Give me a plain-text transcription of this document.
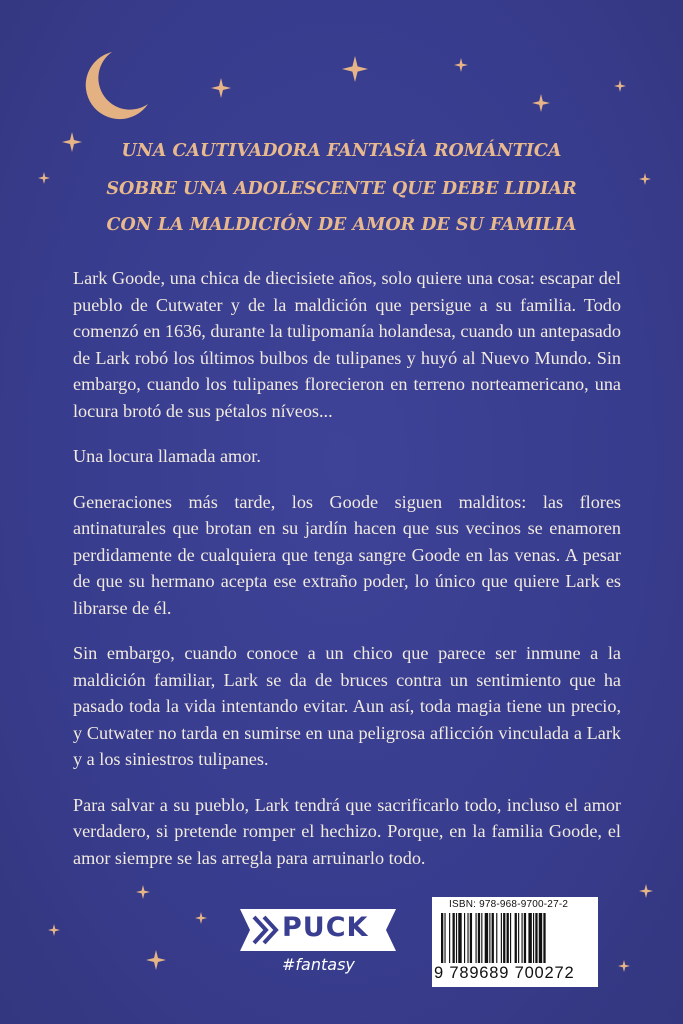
UNA CAUTIVADORA FANTASÍA ROMÁNTICA
SOBRE UNA ADOLESCENTE QUE DEBE LIDIAR
CON LA MALDICIÓN DE AMOR DE SU FAMILIA

Lark Goode, una chica de diecisiete años, solo quiere una cosa: escapar del pueblo de Cutwater y de la maldición que persigue a su familia. Todo comenzó en 1636, durante la tulipomanía holandesa, cuando un antepasado de Lark robó los últimos bulbos de tulipanes y huyó al Nuevo Mundo. Sin embargo, cuando los tulipanes florecieron en terreno norteamericano, una locura brotó de sus pétalos níveos...

Una locura llamada amor.

Generaciones más tarde, los Goode siguen malditos: las flores antinaturales que brotan en su jardín hacen que sus vecinos se enamoren perdidamente de cualquiera que tenga sangre Goode en las venas. A pesar de que su hermano acepta ese extraño poder, lo único que quiere Lark es librarse de él.

Sin embargo, cuando conoce a un chico que parece ser inmune a la maldición familiar, Lark se da de bruces contra un sentimiento que ha pasado toda la vida intentando evitar. Aun así, toda magia tiene un precio, y Cutwater no tarda en sumirse en una peligrosa aflicción vinculada a Lark y a los siniestros tulipanes.

Para salvar a su pueblo, Lark tendrá que sacrificarlo todo, incluso el amor verdadero, si pretende romper el hechizo. Porque, en la familia Goode, el amor siempre se las arregla para arruinarlo todo.

PUCK
#fantasy
ISBN: 978-968-9700-27-2
9 789689 700272
